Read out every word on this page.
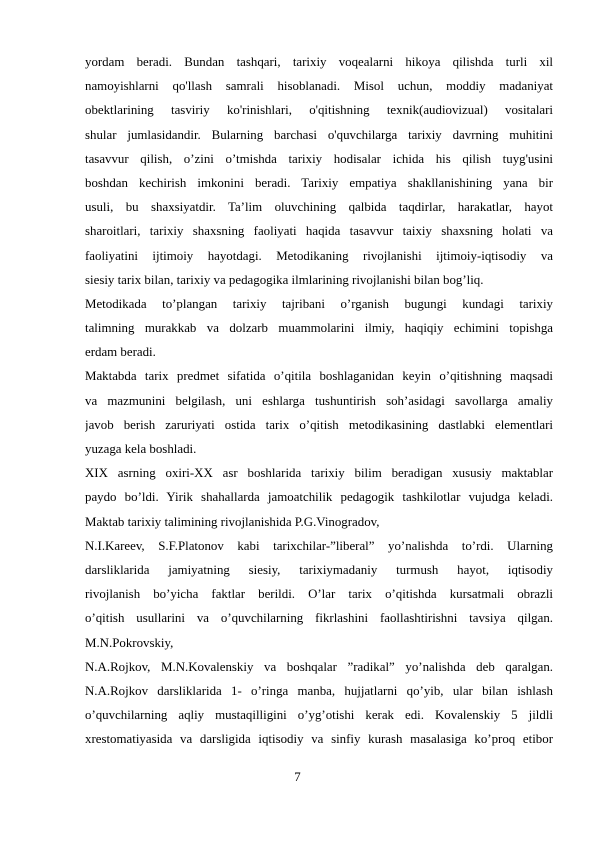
yordam beradi. Bundan tashqari, tarixiy voqealarni hikoya qilishda turli xil
namoyishlarni qo'llash samrali hisoblanadi. Misol uchun, moddiy madaniyat
obektlarining tasviriy ko'rinishlari, o'qitishning texnik(audiovizual) vositalari
shular jumlasidandir. Bularning barchasi o'quvchilarga tarixiy davrning muhitini
tasavvur qilish, o’zini o’tmishda tarixiy hodisalar ichida his qilish tuyg'usini
boshdan kechirish imkonini beradi. Tarixiy empatiya shakllanishining yana bir
usuli, bu shaxsiyatdir. Ta’lim oluvchining qalbida taqdirlar, harakatlar, hayot
sharoitlari, tarixiy shaxsning faoliyati haqida tasavvur taixiy shaxsning holati va
faoliyatini ijtimoiy hayotdagi. Metodikaning rivojlanishi ijtimoiy-iqtisodiy va
siesiy tarix bilan, tarixiy va pedagogika ilmlarining rivojlanishi bilan bog’liq.
Metodikada to’plangan tarixiy tajribani o’rganish bugungi kundagi tarixiy
talimning murakkab va dolzarb muammolarini ilmiy, haqiqiy echimini topishga
erdam beradi.
Maktabda tarix predmet sifatida o’qitila boshlaganidan keyin o’qitishning maqsadi
va mazmunini belgilash, uni eshlarga tushuntirish soh’asidagi savollarga amaliy
javob berish zaruriyati ostida tarix o’qitish metodikasining dastlabki elementlari
yuzaga kela boshladi.
XIX asrning oxiri-XX asr boshlarida tarixiy bilim beradigan xususiy maktablar
paydo bo’ldi. Yirik shahallarda jamoatchilik pedagogik tashkilotlar vujudga keladi.
Maktab tarixiy talimining rivojlanishida P.G.Vinogradov,
N.I.Kareev, S.F.Platonov kabi tarixchilar-”liberal” yo’nalishda to’rdi. Ularning
darsliklarida jamiyatning siesiy, tarixiymadaniy turmush hayot, iqtisodiy
rivojlanish bo’yicha faktlar berildi. O’lar tarix o’qitishda kursatmali obrazli
o’qitish usullarini va o’quvchilarning fikrlashini faollashtirishni tavsiya qilgan.
M.N.Pokrovskiy,
N.A.Rojkov, M.N.Kovalenskiy va boshqalar ”radikal” yo’nalishda deb qaralgan.
N.A.Rojkov darsliklarida 1- o’ringa manba, hujjatlarni qo’yib, ular bilan ishlash
o’quvchilarning aqliy mustaqilligini o’yg’otishi kerak edi. Kovalenskiy 5 jildli
xrestomatiyasida va darsligida iqtisodiy va sinfiy kurash masalasiga ko’proq etibor
7
